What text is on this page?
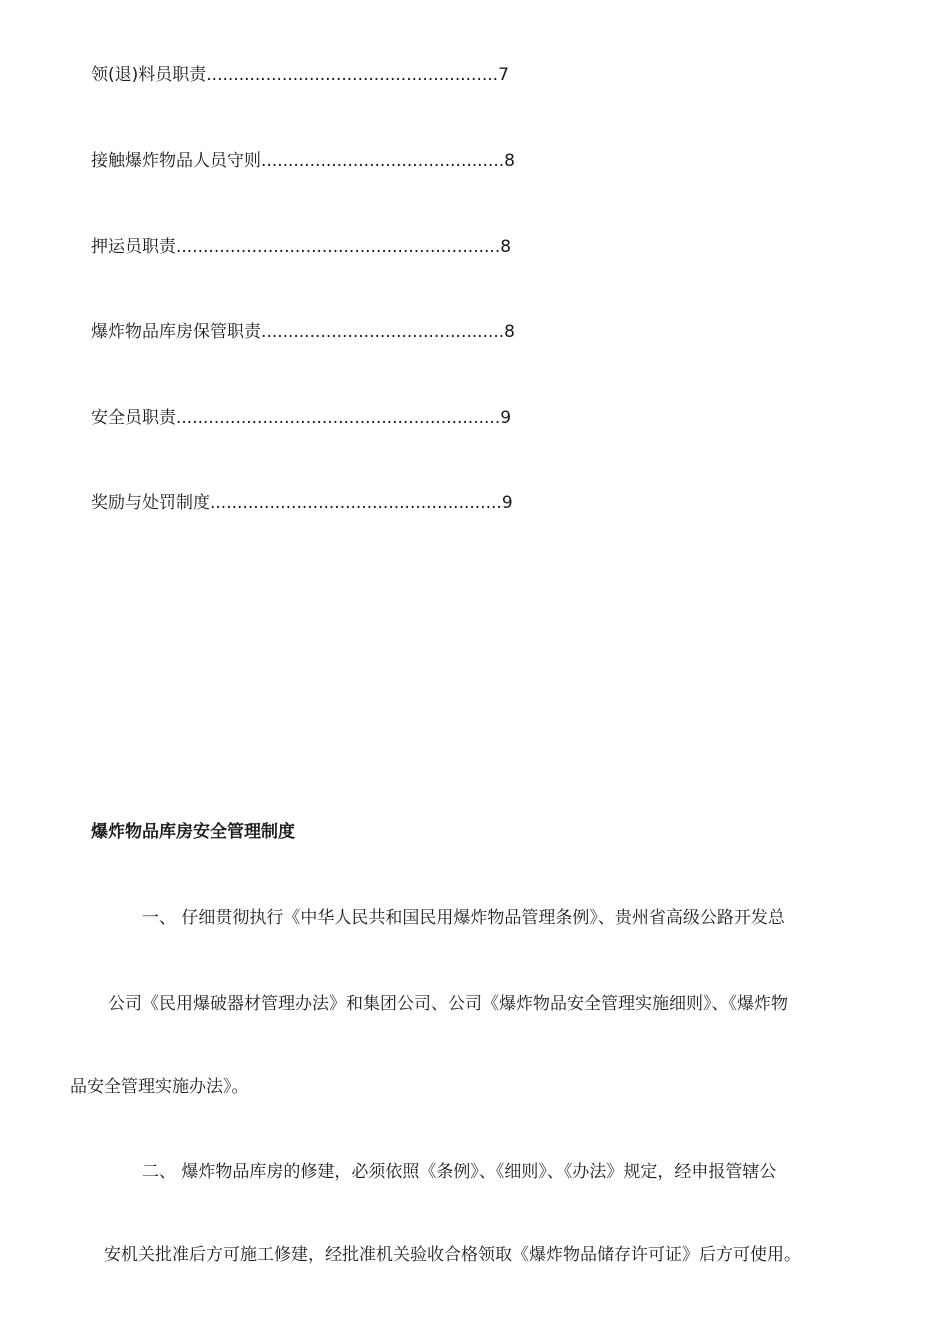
领(退)料员职责......................................................7
接触爆炸物品人员守则.............................................8
押运员职责............................................................8
爆炸物品库房保管职责.............................................8
安全员职责............................................................9
奖励与处罚制度......................................................9
爆炸物品库房安全管理制度
一、 仔细贯彻执行《中华人民共和国民用爆炸物品管理条例》、贵州省高级公路开发总
公司《民用爆破器材管理办法》和集团公司、公司《爆炸物品安全管理实施细则》、《爆炸物
品安全管理实施办法》。
二、 爆炸物品库房的修建，必须依照《条例》、《细则》、《办法》规定，经申报管辖公
安机关批准后方可施工修建，经批准机关验收合格领取《爆炸物品储存许可证》后方可使用。
